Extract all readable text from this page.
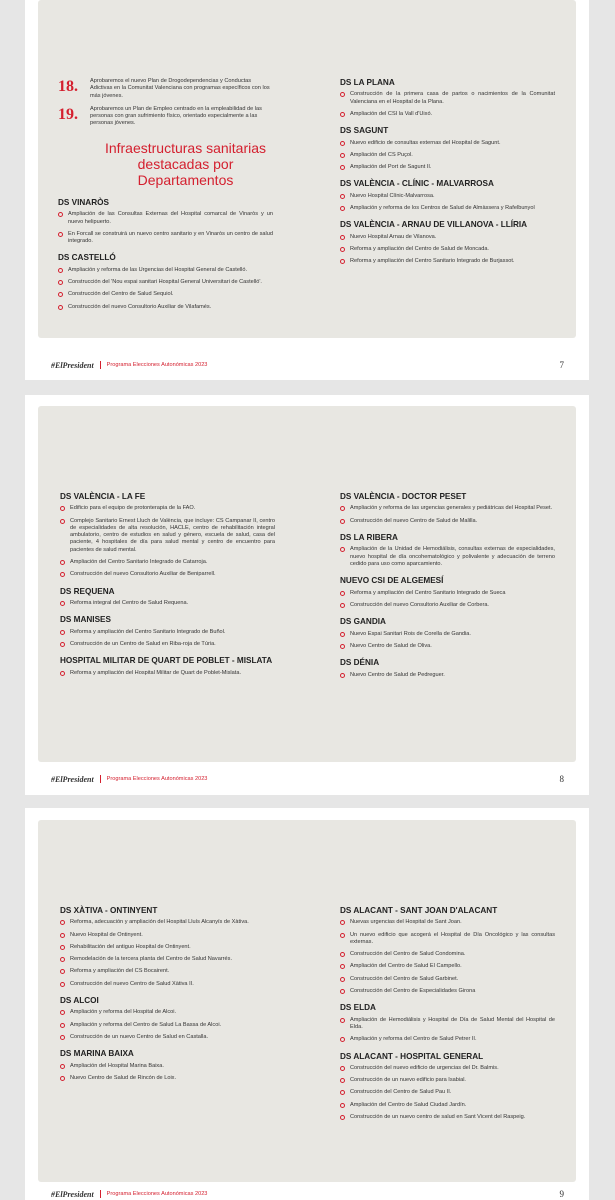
18. Aprobaremos el nuevo Plan de Drogodependencias y Conductas Adictivas en la Comunitat Valenciana con programas específicos con los más jóvenes.
19. Aprobaremos un Plan de Empleo centrado en la empleabilidad de las personas con gran sufrimiento físico, orientado especialmente a las personas jóvenes.
Infraestructuras sanitarias destacadas por Departamentos
DS VINARÒS
Ampliación de las Consultas Externas del Hospital comarcal de Vinaròs y un nuevo helipuerto.
En Forcall se construirá un nuevo centro sanitario y en Vinaròs un centro de salud integrado.
DS CASTELLÓ
Ampliación y reforma de las Urgencias del Hospital General de Castelló.
Construcción del 'Nou espai sanitari Hospital General Universitari de Castelló'.
Construcción del Centro de Salud Sequiol.
Construcción del nuevo Consultorio Auxiliar de Vilafamés.
DS LA PLANA
Construcción de la primera casa de partos o nacimientos de la Comunitat Valenciana en el Hospital de la Plana.
Ampliación del CSI la Vall d'Uixó.
DS SAGUNT
Nuevo edificio de consultas externas del Hospital de Sagunt.
Ampliación del CS Puçol.
Ampliación del Port de Sagunt II.
DS VALÈNCIA - CLÍNIC - MALVARROSA
Nuevo Hospital Clínic-Malvarrosa.
Ampliación y reforma de los Centros de Salud de Almàssera y Rafelbunyol
DS VALÈNCIA - ARNAU DE VILLANOVA - LLÍRIA
Nuevo Hospital Arnau de Vilanova.
Reforma y ampliación del Centro de Salud de Moncada.
Reforma y ampliación del Centro Sanitario Integrado de Burjassot.
#ElPresident Programa Elecciones Autonómicas 2023	7
DS VALÈNCIA - LA FE
Edificio para el equipo de protonterapia de la FAO.
Complejo Sanitario Ernest Lluch de València, que incluye: CS Campanar II, centro de especialidades de alta resolución, HACLE, centro de rehabilitación integral ambulatorio, centro de estudios en salud y género, escuela de salud, casa del paciente, 4 hospitales de día para salud mental y centro de encuentro para pacientes de salud mental.
Ampliación del Centro Sanitario Integrado de Catarroja.
Construcción del nuevo Consultorio Auxiliar de Beniparrell.
DS REQUENA
Reforma integral del Centro de Salud Requena.
DS MANISES
Reforma y ampliación del Centro Sanitario Integrado de Buñol.
Construcción de un Centro de Salud en Riba-roja de Túria.
HOSPITAL MILITAR DE QUART DE POBLET - MISLATA
Reforma y ampliación del Hospital Militar de Quart de Poblet-Mislata.
DS VALÈNCIA - DOCTOR PESET
Ampliación y reforma de las urgencias generales y pediátricas del Hospital Peset.
Construcción del nuevo Centro de Salud de Malilla.
DS LA RIBERA
Ampliación de la Unidad de Hemodiálisis, consultas externas de especialidades, nuevo hospital de día oncohematológico y polivalente y adecuación de terreno cedido para uso como aparcamiento.
NUEVO CSI DE ALGEMESÍ
Reforma y ampliación del Centro Sanitario Integrado de Sueca
Construcción del nuevo Consultorio Auxiliar de Corbera.
DS GANDIA
Nuevo Espai Sanitari Rois de Corella de Gandia.
Nuevo Centro de Salud de Oliva.
DS DÉNIA
Nuevo Centro de Salud de Pedreguer.
#ElPresident Programa Elecciones Autonómicas 2023	8
DS XÀTIVA - ONTINYENT
Reforma, adecuación y ampliación del Hospital Lluís Alcanyís de Xàtiva.
Nuevo Hospital de Ontinyent.
Rehabilitación del antiguo Hospital de Ontinyent.
Remodelación de la tercera planta del Centro de Salud Navarrés.
Reforma y ampliación del CS Bocairent.
Construcción del nuevo Centro de Salud Xàtiva II.
DS ALCOI
Ampliación y reforma del Hospital de Alcoi.
Ampliación y reforma del Centro de Salud La Bassa de Alcoi.
Construcción de un nuevo Centro de Salud en Castalla.
DS MARINA BAIXA
Ampliación del Hospital Marina Baixa.
Nuevo Centro de Salud de Rincón de Loix.
DS ALACANT - SANT JOAN D'ALACANT
Nuevas urgencias del Hospital de Sant Joan.
Un nuevo edificio que acogerá el Hospital de Día Oncológico y las consultas externas.
Construcción del Centro de Salud Condomina.
Ampliación del Centro de Salud El Campello.
Construcción del Centro de Salud Garbinet.
Construcción del Centro de Especialidades Girona
DS ELDA
Ampliación de Hemodiálisis y Hospital de Día de Salud Mental del Hospital de Elda.
Ampliación y reforma del Centro de Salud Petrer II.
DS ALACANT - HOSPITAL GENERAL
Construcción del nuevo edificio de urgencias del Dr. Balmis.
Construcción de un nuevo edificio para Isabial.
Construcción del Centro de Salud Pau II.
Ampliación del Centro de Salud Ciudad Jardín.
Construcción de un nuevo centro de salud en Sant Vicent del Raspeig.
#ElPresident Programa Elecciones Autonómicas 2023	9
